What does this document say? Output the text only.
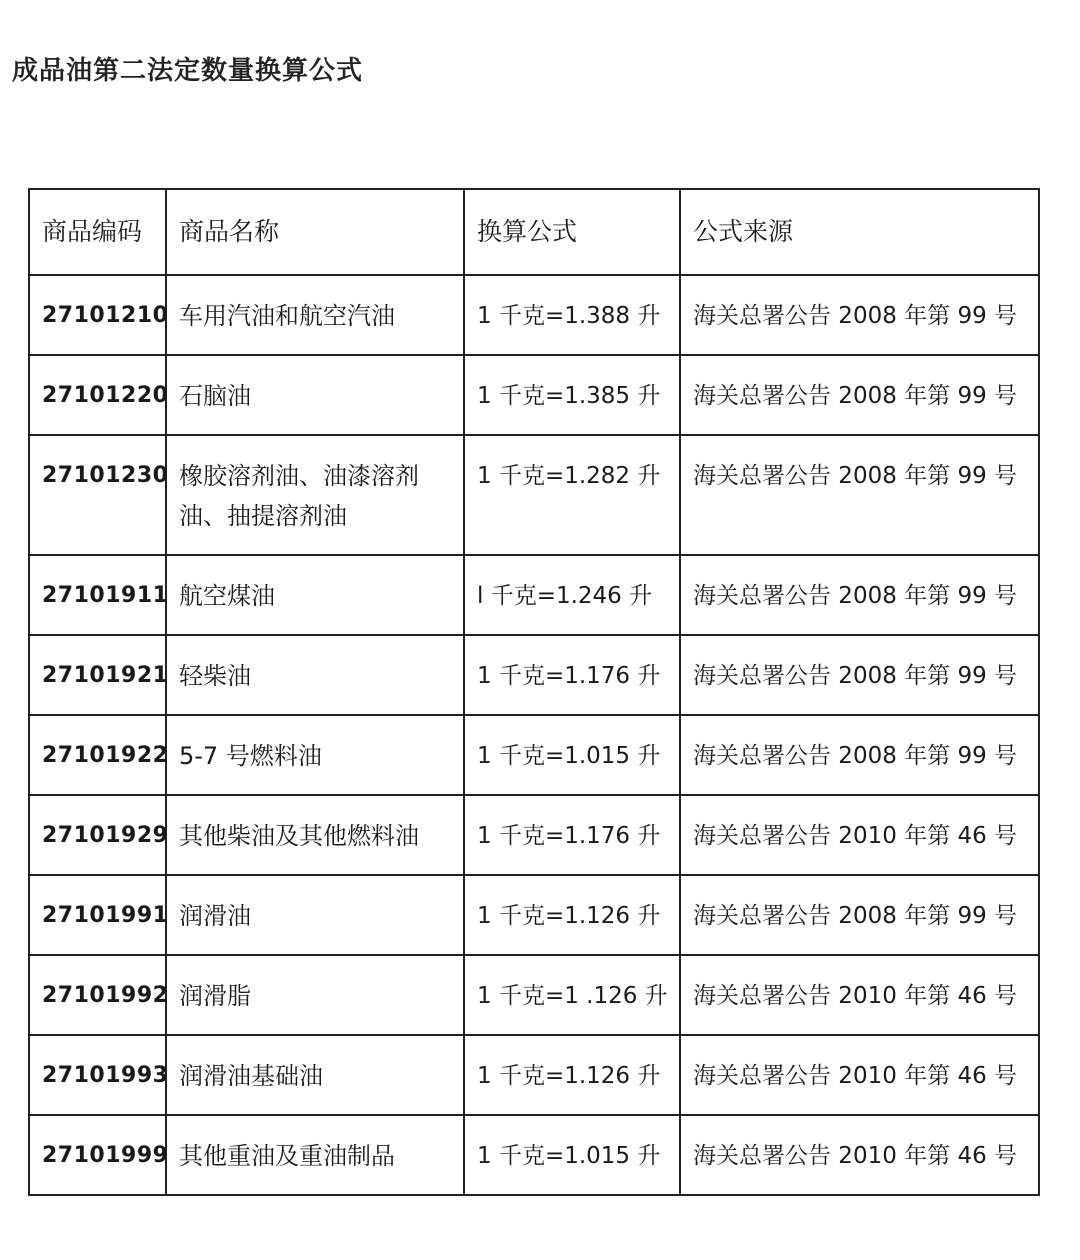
成品油第二法定数量换算公式
商品编码	商品名称	换算公式	公式来源
27101210	车用汽油和航空汽油	1 千克=1.388 升	海关总署公告 2008 年第 99 号
27101220	石脑油	1 千克=1.385 升	海关总署公告 2008 年第 99 号
27101230	橡胶溶剂油、油漆溶剂油、抽提溶剂油	1 千克=1.282 升	海关总署公告 2008 年第 99 号
27101911	航空煤油	l 千克=1.246 升	海关总署公告 2008 年第 99 号
27101921	轻柴油	1 千克=1.176 升	海关总署公告 2008 年第 99 号
27101922	5-7 号燃料油	1 千克=1.015 升	海关总署公告 2008 年第 99 号
27101929	其他柴油及其他燃料油	1 千克=1.176 升	海关总署公告 2010 年第 46 号
27101991	润滑油	1 千克=1.126 升	海关总署公告 2008 年第 99 号
27101992	润滑脂	1 千克=1 .126 升	海关总署公告 2010 年第 46 号
27101993	润滑油基础油	1 千克=1.126 升	海关总署公告 2010 年第 46 号
27101999	其他重油及重油制品	1 千克=1.015 升	海关总署公告 2010 年第 46 号
